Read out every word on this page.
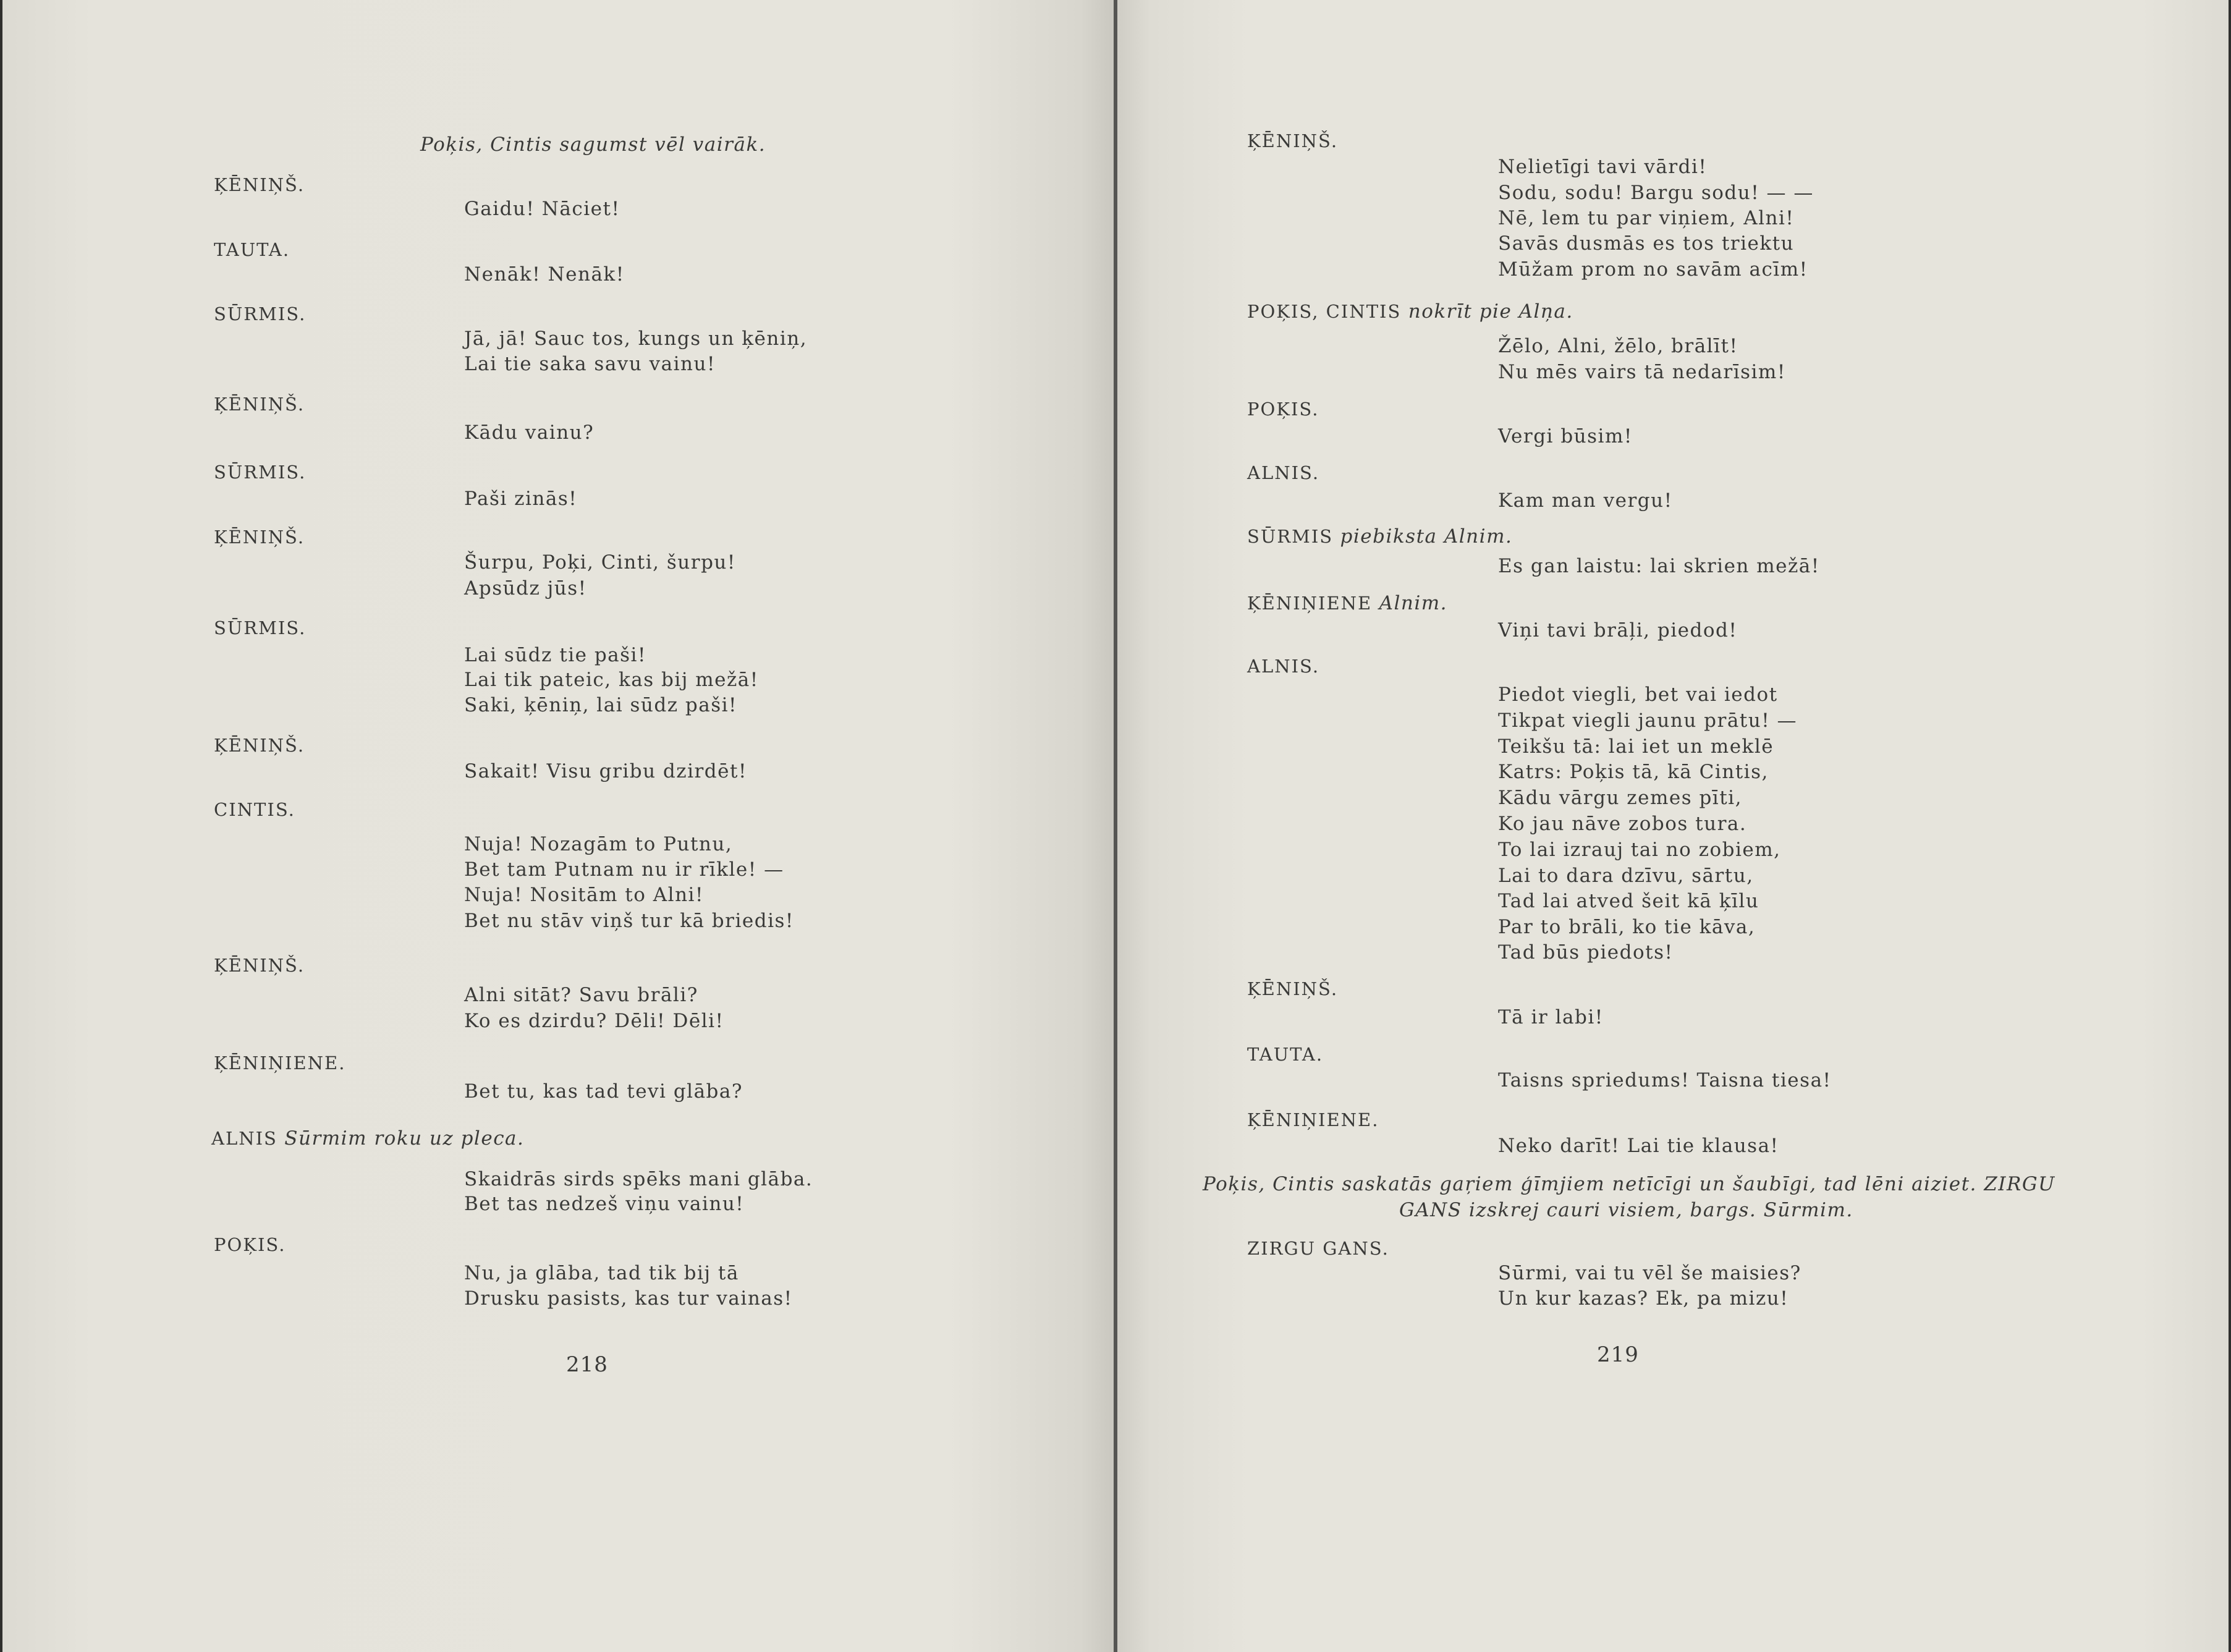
Poķis, Cintis sagumst vēl vairāk.
ĶĒNIŅŠ.
Gaidu! Nāciet!
TAUTA.
Nenāk! Nenāk!
SŪRMIS.
Jā, jā! Sauc tos, kungs un ķēniņ,
Lai tie saka savu vainu!
ĶĒNIŅŠ.
Kādu vainu?
SŪRMIS.
Paši zinās!
ĶĒNIŅŠ.
Šurpu, Poķi, Cinti, šurpu!
Apsūdz jūs!
SŪRMIS.
Lai sūdz tie paši!
Lai tik pateic, kas bij mežā!
Saki, ķēniņ, lai sūdz paši!
ĶĒNIŅŠ.
Sakait! Visu gribu dzirdēt!
CINTIS.
Nuja! Nozagām to Putnu,
Bet tam Putnam nu ir rīkle! —
Nuja! Nositām to Alni!
Bet nu stāv viņš tur kā briedis!
ĶĒNIŅŠ.
Alni sitāt? Savu brāli?
Ko es dzirdu? Dēli! Dēli!
ĶĒNIŅIENE.
Bet tu, kas tad tevi glāba?
ALNIS Sūrmim roku uz pleca.
Skaidrās sirds spēks mani glāba.
Bet tas nedzeš viņu vainu!
POĶIS.
Nu, ja glāba, tad tik bij tā
Drusku pasists, kas tur vainas!
218
ĶĒNIŅŠ.
Nelietīgi tavi vārdi!
Sodu, sodu! Bargu sodu! — —
Nē, lem tu par viņiem, Alni!
Savās dusmās es tos triektu
Mūžam prom no savām acīm!
POĶIS, CINTIS nokrīt pie Alņa.
Žēlo, Alni, žēlo, brālīt!
Nu mēs vairs tā nedarīsim!
POĶIS.
Vergi būsim!
ALNIS.
Kam man vergu!
SŪRMIS piebiksta Alnim.
Es gan laistu: lai skrien mežā!
ĶĒNIŅIENE Alnim.
Viņi tavi brāļi, piedod!
ALNIS.
Piedot viegli, bet vai iedot
Tikpat viegli jaunu prātu! —
Teikšu tā: lai iet un meklē
Katrs: Poķis tā, kā Cintis,
Kādu vārgu zemes pīti,
Ko jau nāve zobos tura.
To lai izrauj tai no zobiem,
Lai to dara dzīvu, sārtu,
Tad lai atved šeit kā ķīlu
Par to brāli, ko tie kāva,
Tad būs piedots!
ĶĒNIŅŠ.
Tā ir labi!
TAUTA.
Taisns spriedums! Taisna tiesa!
ĶĒNIŅIENE.
Neko darīt! Lai tie klausa!
Poķis, Cintis saskatās gaŗiem ģīmjiem netīcīgi un šaubīgi, tad lēni aiziet. ZIRGU
GANS izskrej cauri visiem, bargs. Sūrmim.
ZIRGU GANS.
Sūrmi, vai tu vēl še maisies?
Un kur kazas? Ek, pa mizu!
219
